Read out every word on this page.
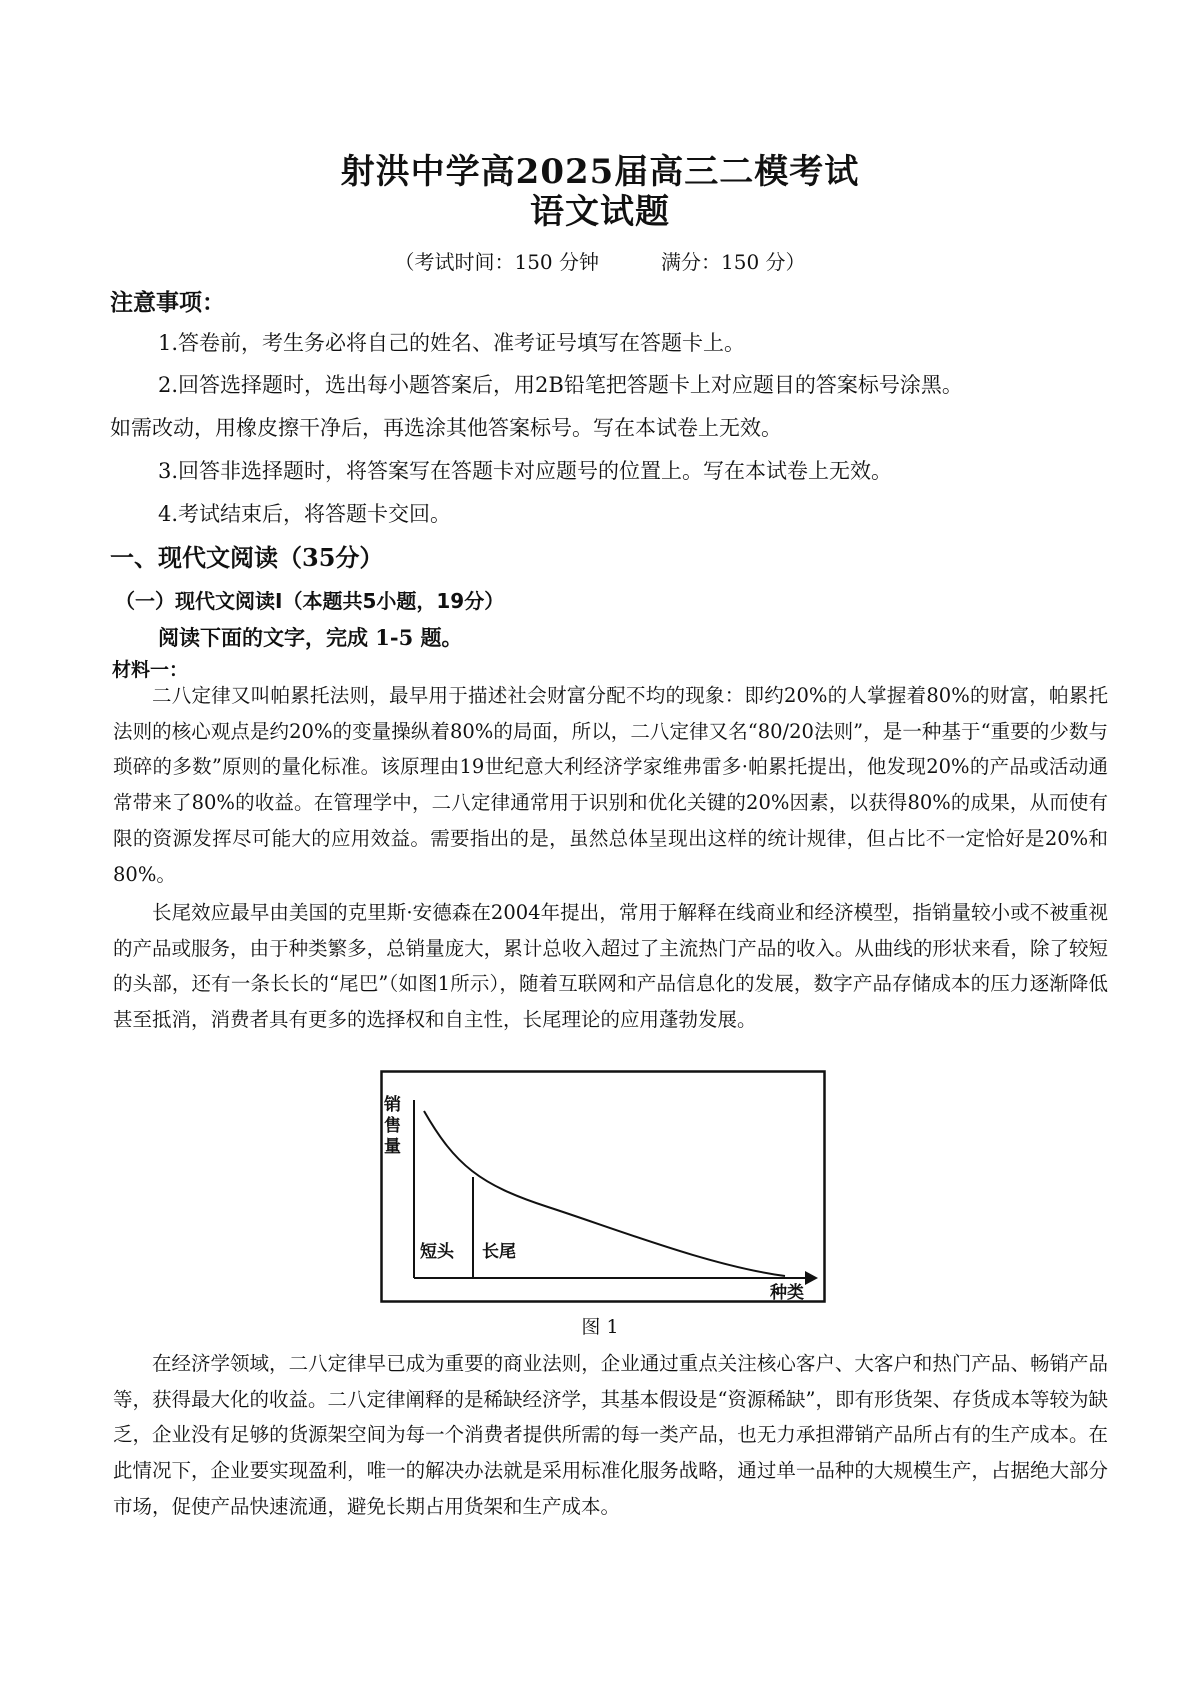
射洪中学高2025届高三二模考试
语文试题
（考试时间：150 分钟	满分：150 分）
注意事项：
1.答卷前，考生务必将自己的姓名、准考证号填写在答题卡上。
2.回答选择题时，选出每小题答案后，用2B铅笔把答题卡上对应题目的答案标号涂黑。
如需改动，用橡皮擦干净后，再选涂其他答案标号。写在本试卷上无效。
3.回答非选择题时，将答案写在答题卡对应题号的位置上。写在本试卷上无效。
4.考试结束后，将答题卡交回。
一、现代文阅读（35分）
（一）现代文阅读Ⅰ（本题共5小题，19分）
阅读下面的文字，完成 1-5 题。
材料一：
二八定律又叫帕累托法则，最早用于描述社会财富分配不均的现象：即约20%的人掌握着80%的财富，帕累托法则的核心观点是约20%的变量操纵着80%的局面，所以，二八定律又名“80/20法则”，是一种基于“重要的少数与琐碎的多数”原则的量化标准。该原理由19世纪意大利经济学家维弗雷多·帕累托提出，他发现20%的产品或活动通常带来了80%的收益。在管理学中，二八定律通常用于识别和优化关键的20%因素，以获得80%的成果，从而使有限的资源发挥尽可能大的应用效益。需要指出的是，虽然总体呈现出这样的统计规律，但占比不一定恰好是20%和80%。
长尾效应最早由美国的克里斯·安德森在2004年提出，常用于解释在线商业和经济模型，指销量较小或不被重视的产品或服务，由于种类繁多，总销量庞大，累计总收入超过了主流热门产品的收入。从曲线的形状来看，除了较短的头部，还有一条长长的“尾巴”（如图1所示），随着互联网和产品信息化的发展，数字产品存储成本的压力逐渐降低甚至抵消，消费者具有更多的选择权和自主性，长尾理论的应用蓬勃发展。
销
售
量
短头 长尾
种类
图 1
在经济学领域，二八定律早已成为重要的商业法则，企业通过重点关注核心客户、大客户和热门产品、畅销产品等，获得最大化的收益。二八定律阐释的是稀缺经济学，其基本假设是“资源稀缺”，即有形货架、存货成本等较为缺乏，企业没有足够的货源架空间为每一个消费者提供所需的每一类产品，也无力承担滞销产品所占有的生产成本。在此情况下，企业要实现盈利，唯一的解决办法就是采用标准化服务战略，通过单一品种的大规模生产，占据绝大部分市场，促使产品快速流通，避免长期占用货架和生产成本。
